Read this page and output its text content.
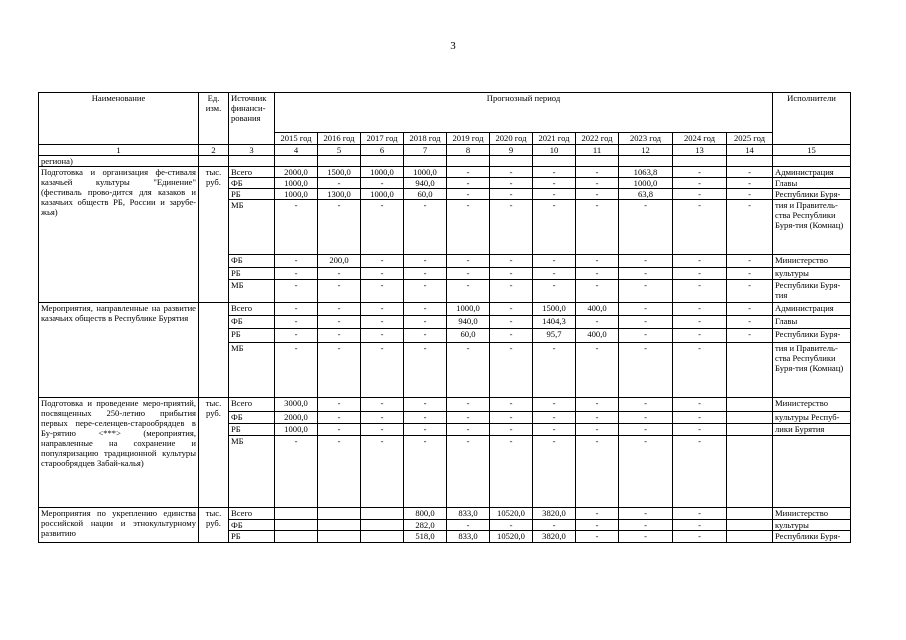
3
Наименование	Ед. изм.	Источник финанси-рования	Прогнозный период											Исполнители
			2015 год	2016 год	2017 год	2018 год	2019 год	2020 год	2021 год	2022 год	2023 год	2024 год	2025 год	
1	2	3	4	5	6	7	8	9	10	11	12	13	14	15
региона)														
Подготовка и организация фе-стиваля казачьей культуры "Единение" (фестиваль прово-дится для казаков и казачьих обществ РБ, России и зарубе-жья)	тыс. руб.	Всего	2000,0	1500,0	1000,0	1000,0	-	-	-	-	1063,8	-	-	Администрация
		ФБ	1000,0	-	-	940,0	-	-	-	-	1000,0	-	-	Главы
		РБ	1000,0	1300,0	1000,0	60,0	-	-	-	-	63,8	-	-	Республики Буря-
		МБ	-	-	-	-	-	-	-	-	-	-	-	тия и Правитель-ства Республики Буря-тия (Комнац)
		ФБ	-	200,0	-	-	-	-	-	-	-	-	-	Министерство
		РБ	-	-	-	-	-	-	-	-	-	-	-	культуры
		МБ	-	-	-	-	-	-	-	-	-	-	-	Республики Буря-тия
Мероприятия, направленные на развитие казачьих обществ в Республике Бурятия		Всего	-	-	-	-	1000,0	-	1500,0	400,0	-	-	-	Администрация
		ФБ	-	-	-	-	940,0	-	1404,3	-	-	-	-	Главы
		РБ	-	-	-	-	60,0	-	95,7	400,0	-	-	-	Республики Буря-
		МБ	-	-	-	-	-	-	-	-	-	-		тия и Правитель-ства Республики Буря-тия (Комнац)
Подготовка и проведение меро-приятий, посвященных 250-летию прибытия первых пере-селенцев-старообрядцев в Бу-рятию <***> (мероприятия, направленные на сохранение и популяризацию традиционной культуры старообрядцев Забай-калья)	тыс. руб.	Всего	3000,0	-	-	-	-	-	-	-	-	-		Министерство
		ФБ	2000,0	-	-	-	-	-	-	-	-	-		культуры Респуб-
		РБ	1000,0	-	-	-	-	-	-	-	-	-		лики Бурятия
		МБ	-	-	-	-	-	-	-	-	-	-		
Мероприятия по укреплению единства российской нации и этнокультурному развитию	тыс. руб.	Всего				800,0	833,0	10520,0	3820,0	-	-	-		Министерство
		ФБ				282,0	-	-	-	-	-	-		культуры
		РБ				518,0	833,0	10520,0	3820,0	-	-	-		Республики Буря-
